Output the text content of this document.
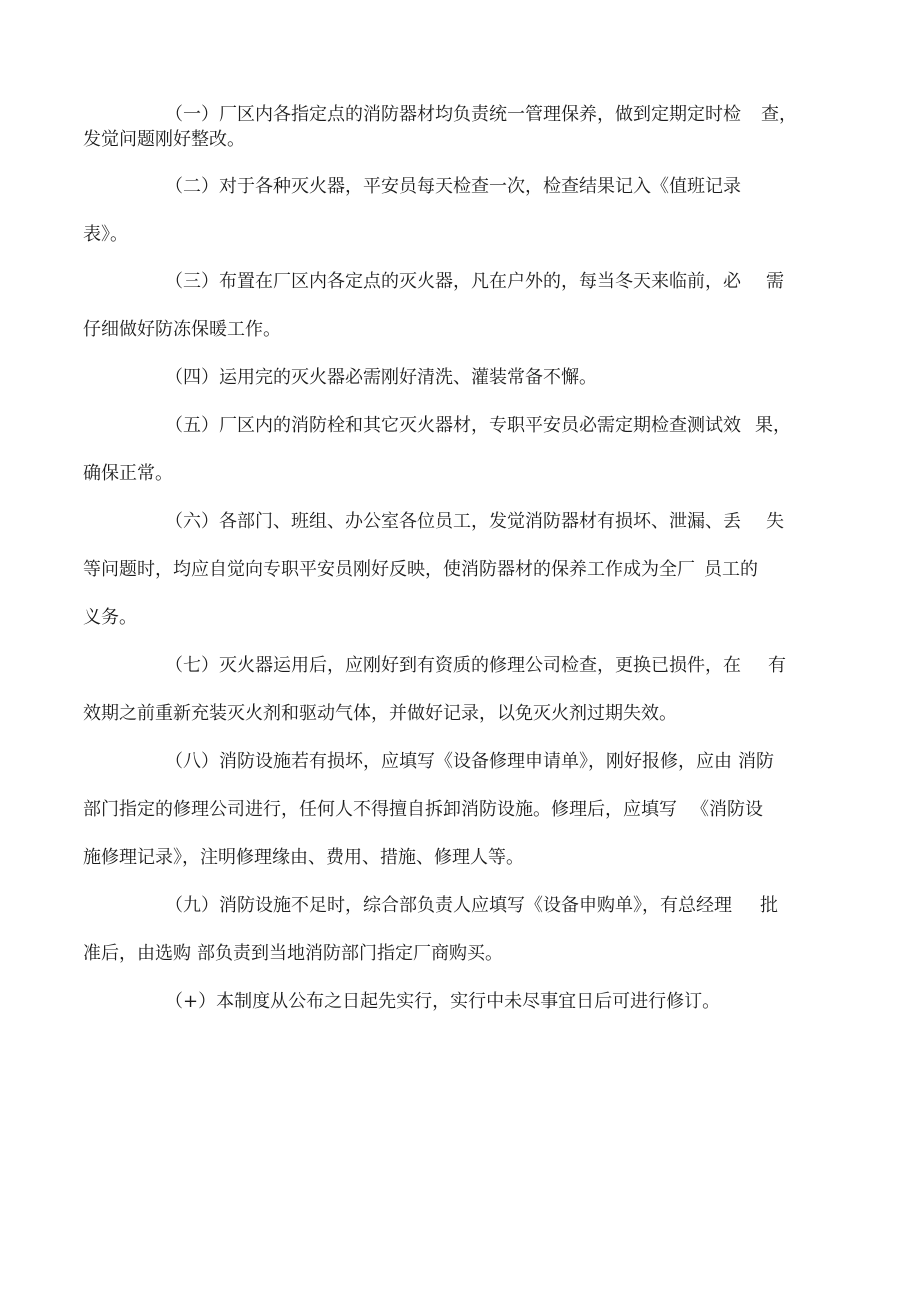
（一）厂区内各指定点的消防器材均负责统一管理保养，做到定期定时检 查，

发觉问题刚好整改。

（二）对于各种灭火器，平安员每天检查一次，检查结果记入《值班记录

表》。

（三）布置在厂区内各定点的灭火器，凡在户外的，每当冬天来临前，必 需

仔细做好防冻保暖工作。

（四）运用完的灭火器必需刚好清洗、灌装常备不懈。

（五）厂区内的消防栓和其它灭火器材，专职平安员必需定期检查测试效 果，

确保正常。

（六）各部门、班组、办公室各位员工，发觉消防器材有损坏、泄漏、丢 失

等问题时，均应自觉向专职平安员刚好反映，使消防器材的保养工作成为全厂 员工的

义务。

（七）灭火器运用后，应刚好到有资质的修理公司检查，更换已损件，在 有

效期之前重新充装灭火剂和驱动气体，并做好记录，以免灭火剂过期失效。

（八）消防设施若有损坏，应填写《设备修理申请单》，刚好报修，应由 消防

部门指定的修理公司进行，任何人不得擅自拆卸消防设施。修理后，应填写 《消防设

施修理记录》，注明修理缘由、费用、措施、修理人等。

（九）消防设施不足时，综合部负责人应填写《设备申购单》，有总经理 批

准后，由选购 部负责到当地消防部门指定厂商购买。

（+）本制度从公布之日起先实行，实行中未尽事宜日后可进行修订。
